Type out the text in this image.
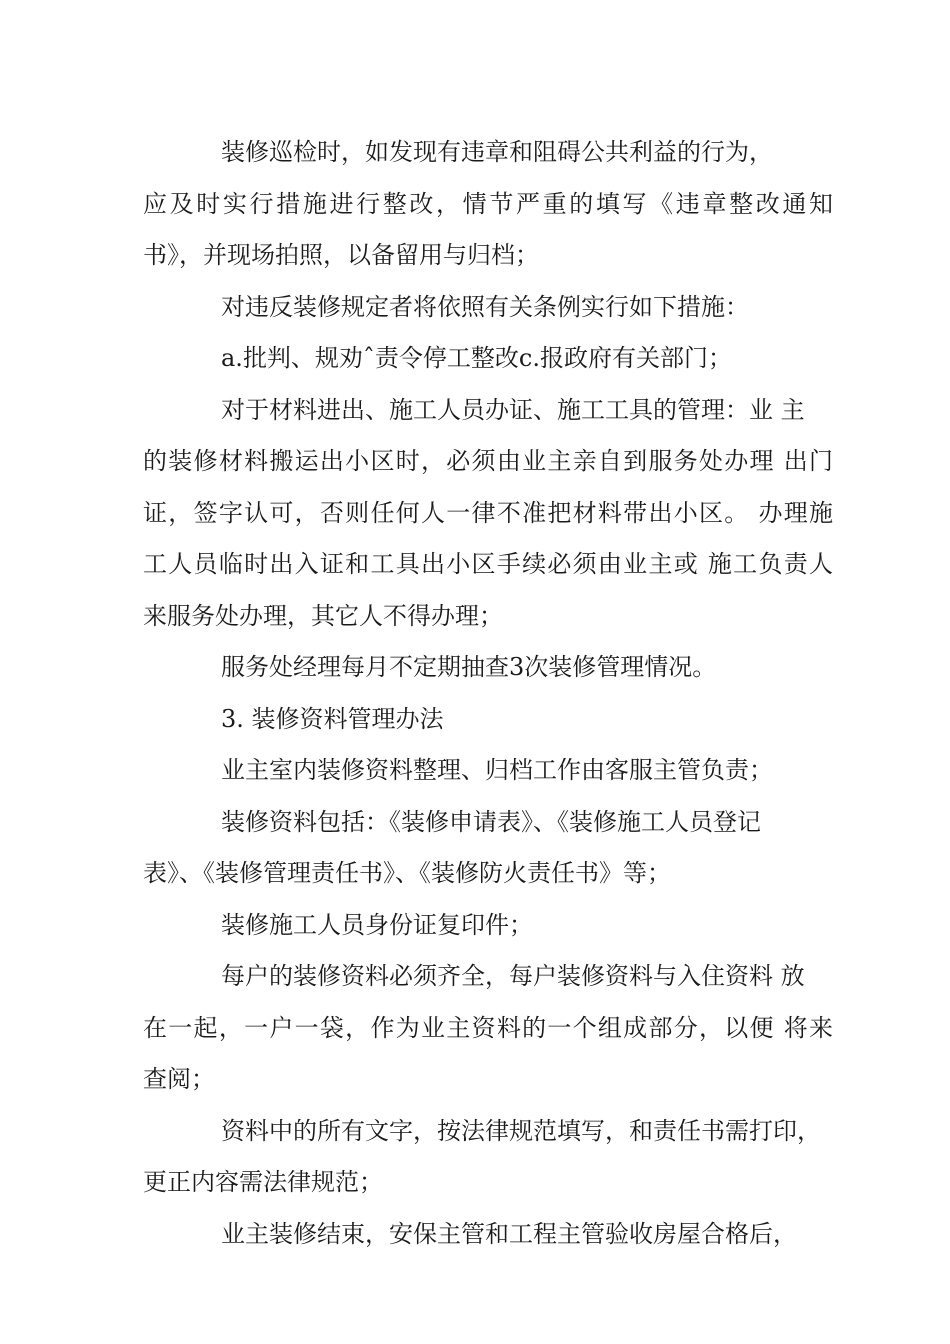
装修巡检时，如发现有违章和阻碍公共利益的行为，
应及时实行措施进行整改，情节严重的填写《违章整改通知
书》，并现场拍照，以备留用与归档；
对违反装修规定者将依照有关条例实行如下措施：
a.批判、规劝ˆ责令停工整改c.报政府有关部门；
对于材料进出、施工人员办证、施工工具的管理：业 主
的装修材料搬运出小区时，必须由业主亲自到服务处办理 出门
证，签字认可，否则任何人一律不准把材料带出小区。 办理施
工人员临时出入证和工具出小区手续必须由业主或 施工负责人
来服务处办理，其它人不得办理；
服务处经理每月不定期抽查3次装修管理情况。
3. 装修资料管理办法
业主室内装修资料整理、归档工作由客服主管负责；
装修资料包括：《装修申请表》、《装修施工人员登记
表》、《装修管理责任书》、《装修防火责任书》等；
装修施工人员身份证复印件；
每户的装修资料必须齐全，每户装修资料与入住资料 放
在一起，一户一袋，作为业主资料的一个组成部分，以便 将来
查阅；
资料中的所有文字，按法律规范填写，和责任书需打印，
更正内容需法律规范；
业主装修结束，安保主管和工程主管验收房屋合格后，
